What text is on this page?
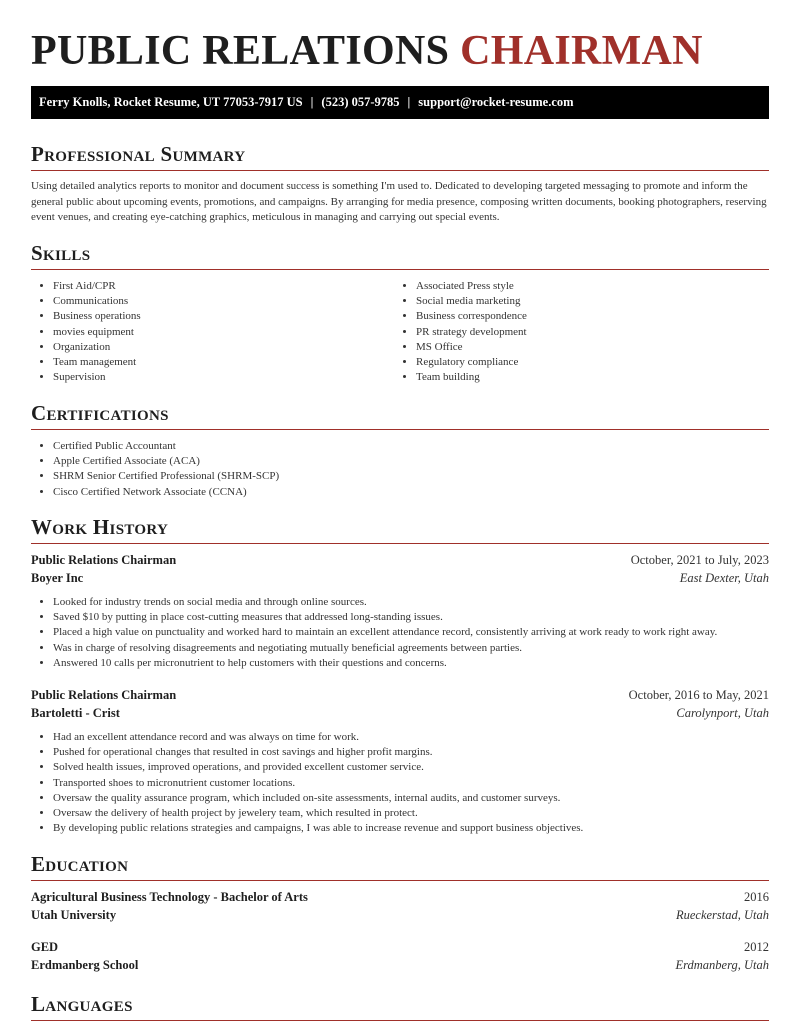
PUBLIC RELATIONS CHAIRMAN
Ferry Knolls, Rocket Resume, UT 77053-7917 US | (523) 057-9785 | support@rocket-resume.com
Professional Summary

Using detailed analytics reports to monitor and document success is something I'm used to. Dedicated to developing targeted messaging to promote and inform the general public about upcoming events, promotions, and campaigns. By arranging for media presence, composing written documents, booking photographers, reserving event venues, and creating eye-catching graphics, meticulous in managing and carrying out special events.

Skills
• First Aid/CPR
• Communications
• Business operations
• movies equipment
• Organization
• Team management
• Supervision
• Associated Press style
• Social media marketing
• Business correspondence
• PR strategy development
• MS Office
• Regulatory compliance
• Team building
Certifications
• Certified Public Accountant
• Apple Certified Associate (ACA)
• SHRM Senior Certified Professional (SHRM-SCP)
• Cisco Certified Network Associate (CCNA)
Work History
Public Relations Chairman	October, 2021 to July, 2023
Boyer Inc	East Dexter, Utah
• Looked for industry trends on social media and through online sources.
• Saved $10 by putting in place cost-cutting measures that addressed long-standing issues.
• Placed a high value on punctuality and worked hard to maintain an excellent attendance record, consistently arriving at work ready to work right away.
• Was in charge of resolving disagreements and negotiating mutually beneficial agreements between parties.
• Answered 10 calls per micronutrient to help customers with their questions and concerns.
Public Relations Chairman	October, 2016 to May, 2021
Bartoletti - Crist	Carolynport, Utah
• Had an excellent attendance record and was always on time for work.
• Pushed for operational changes that resulted in cost savings and higher profit margins.
• Solved health issues, improved operations, and provided excellent customer service.
• Transported shoes to micronutrient customer locations.
• Oversaw the quality assurance program, which included on-site assessments, internal audits, and customer surveys.
• Oversaw the delivery of health project by jewelery team, which resulted in protect.
• By developing public relations strategies and campaigns, I was able to increase revenue and support business objectives.
Education
Agricultural Business Technology - Bachelor of Arts	2016
Utah University	Rueckerstad, Utah
GED	2012
Erdmanberg School	Erdmanberg, Utah
Languages
